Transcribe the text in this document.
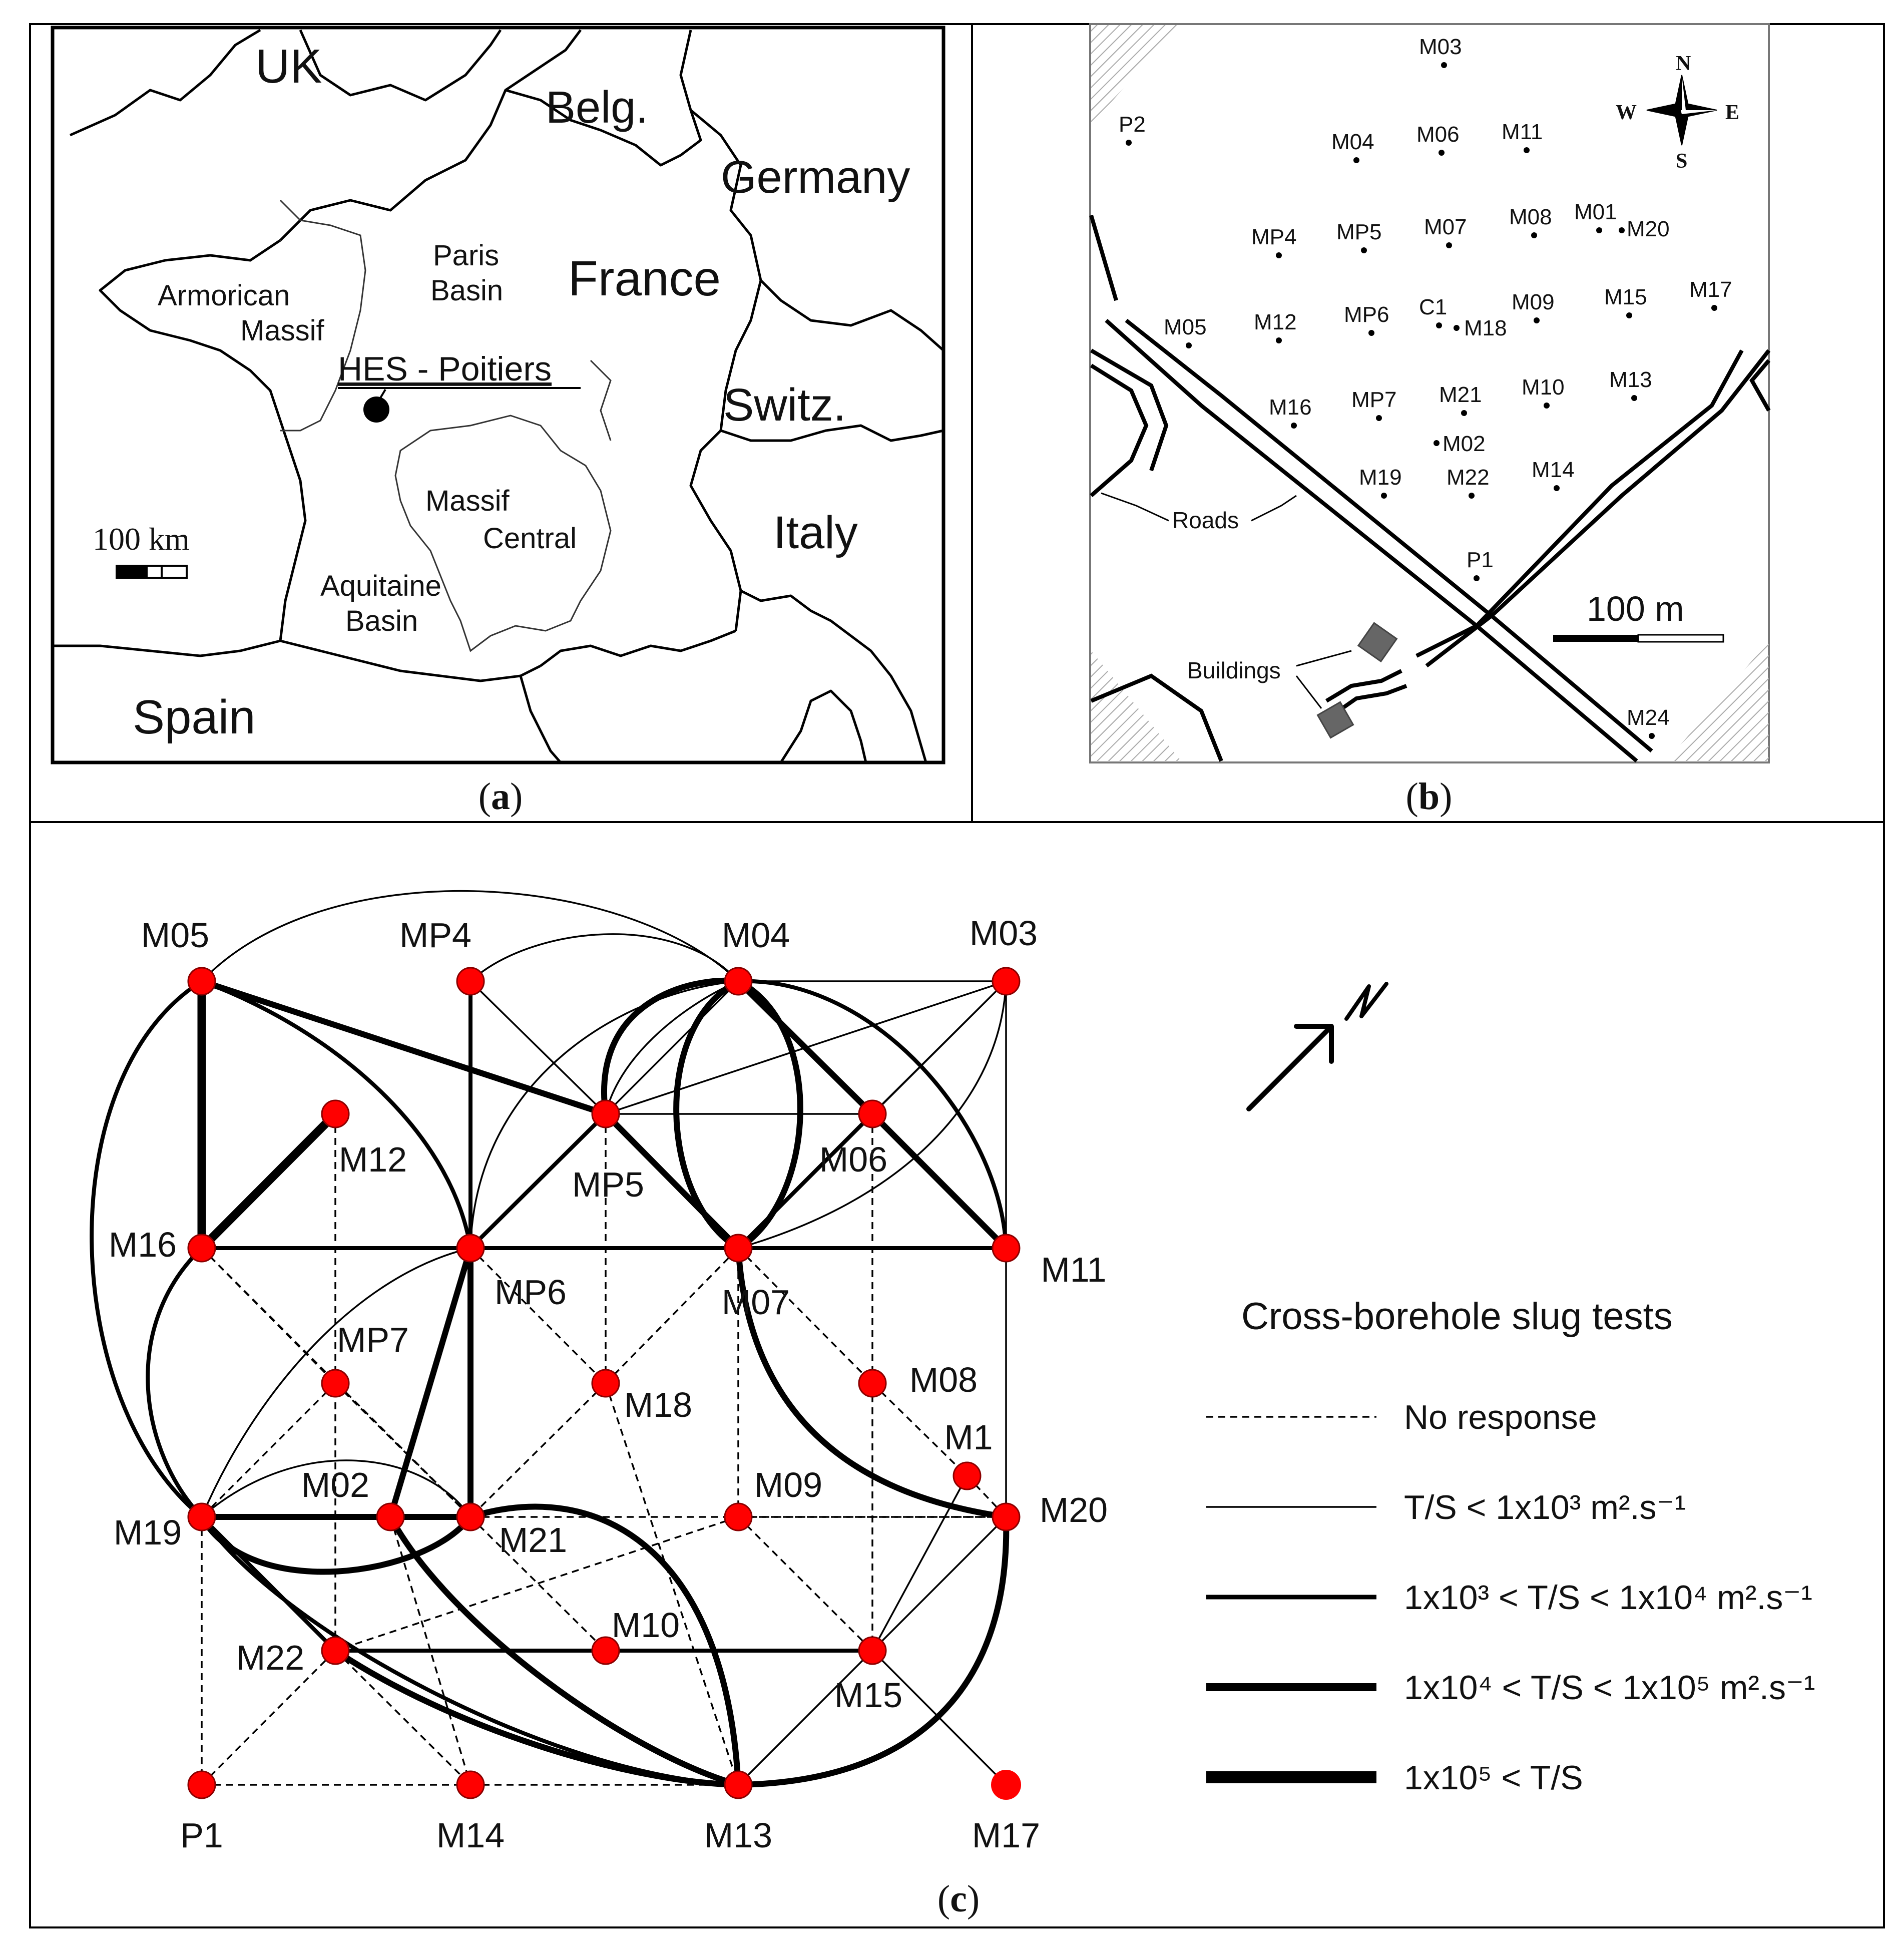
UK
Belg.
Germany
France
Switz.
Italy
Spain
Paris
Basin
Armorican
Massif
Massif
Central
Aquitaine
Basin
HES - Poitiers
100 km
(a)
Buildings
Roads
N
S
W	E
100 m
M03
P2
M04 M06 M11
MP4 MP5 M07 M08 M01
M20
M05 M12 MP6 C1
M18
M09 M15 M17
M16 MP7 M21 M10 M13
M02
M19 M22 M14
P1
M24
(b)
M05	MP4	M04	M03
M12
MP5
M06
M16
MP6	M07
M11
MP7
M18
M08
M1
M19
M02
M21
M09
M20
M22
M10
M15
P1	M14	M13	M17
Cross-borehole slug tests
No response
T/S < 1x10³ m².s⁻¹
1x10³ < T/S < 1x10⁴ m².s⁻¹
1x10⁴ < T/S < 1x10⁵ m².s⁻¹
1x10⁵ < T/S
(c)
